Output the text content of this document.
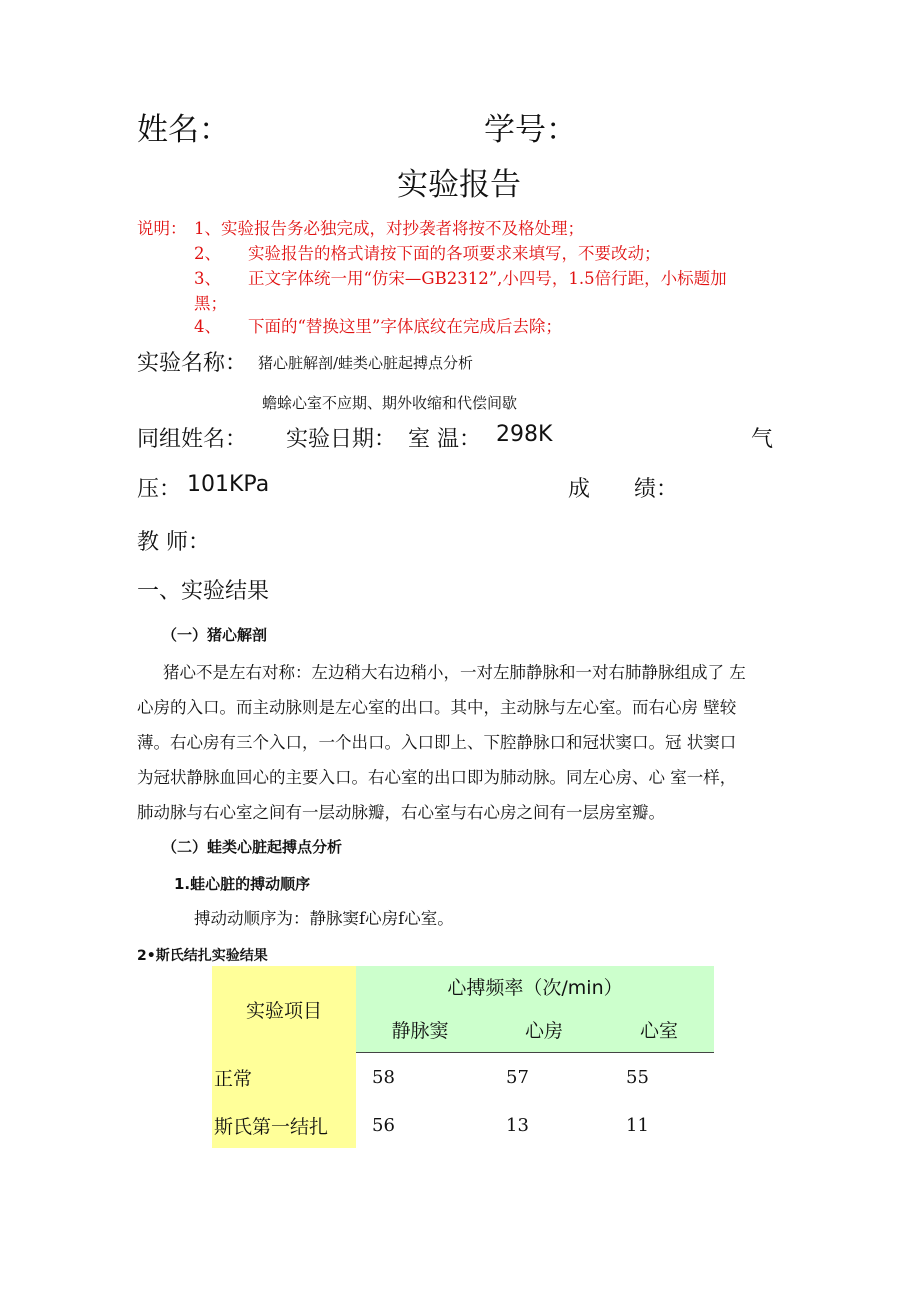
姓名：	学号：
实验报告
说明： 1、实验报告务必独完成，对抄袭者将按不及格处理；
2、 实验报告的格式请按下面的各项要求来填写，不要改动；
3、 正文字体统一用“仿宋—GB2312”,小四号，1.5倍行距，小标题加
黑；
4、 下面的“替换这里”字体底纹在完成后去除；
实验名称： 猪心脏解剖/蛙类心脏起搏点分析
蟾蜍心室不应期、期外收缩和代偿间歇
同组姓名： 实验日期： 室 温： 298K	气
压： 101KPa	成 绩：
教 师：
一、实验结果
（一）猪心解剖
猪心不是左右对称：左边稍大右边稍小，一对左肺静脉和一对右肺静脉组成了 左
心房的入口。而主动脉则是左心室的出口。其中，主动脉与左心室。而右心房 壁较
薄。右心房有三个入口，一个出口。入口即上、下腔静脉口和冠状窦口。冠 状窦口
为冠状静脉血回心的主要入口。右心室的出口即为肺动脉。同左心房、心 室一样，
肺动脉与右心室之间有一层动脉瓣，右心室与右心房之间有一层房室瓣。
（二）蛙类心脏起搏点分析
1.蛙心脏的搏动顺序
搏动动顺序为：静脉窦f心房f心室。
2•斯氏结扎实验结果
实验项目	心搏频率（次/min）		
	静脉窦	心房	心室
正常	58	57	55
斯氏第一结扎	56	13	11
